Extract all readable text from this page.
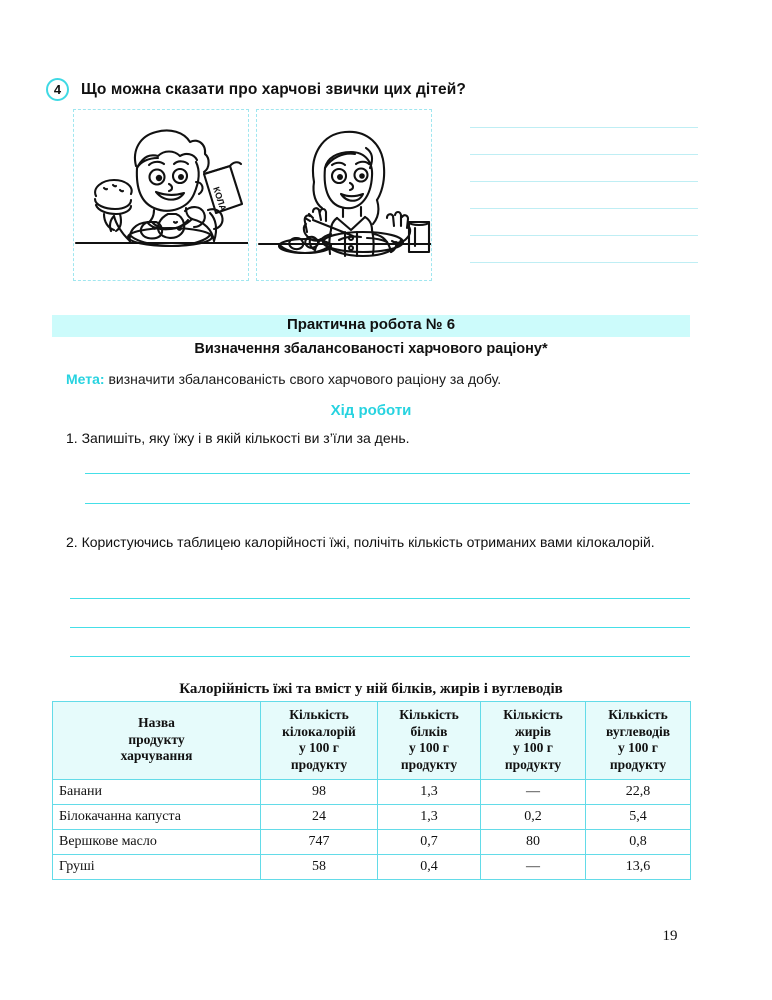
4	Що можна сказати про харчові звички цих дітей?
КОЛА
Практична робота № 6
Визначення збалансованості харчового раціону*
Мета: визначити збалансованість свого харчового раціону за добу.
Хід роботи
1. Запишіть, яку їжу і в якій кількості ви з’їли за день.
2. Користуючись таблицею калорійності їжі, полічіть кількість отриманих вами кілокалорій.
Калорійність їжі та вміст у ній білків, жирів і вуглеводів
Назва
продукту
харчування	Кількість
кілокалорій
у 100 г
продукту	Кількість
білків
у 100 г
продукту	Кількість
жирів
у 100 г
продукту	Кількість
вуглеводів
у 100 г
продукту
Банани	98	1,3	—	22,8
Білокачанна капуста	24	1,3	0,2	5,4
Вершкове масло	747	0,7	80	0,8
Груші	58	0,4	—	13,6
19
